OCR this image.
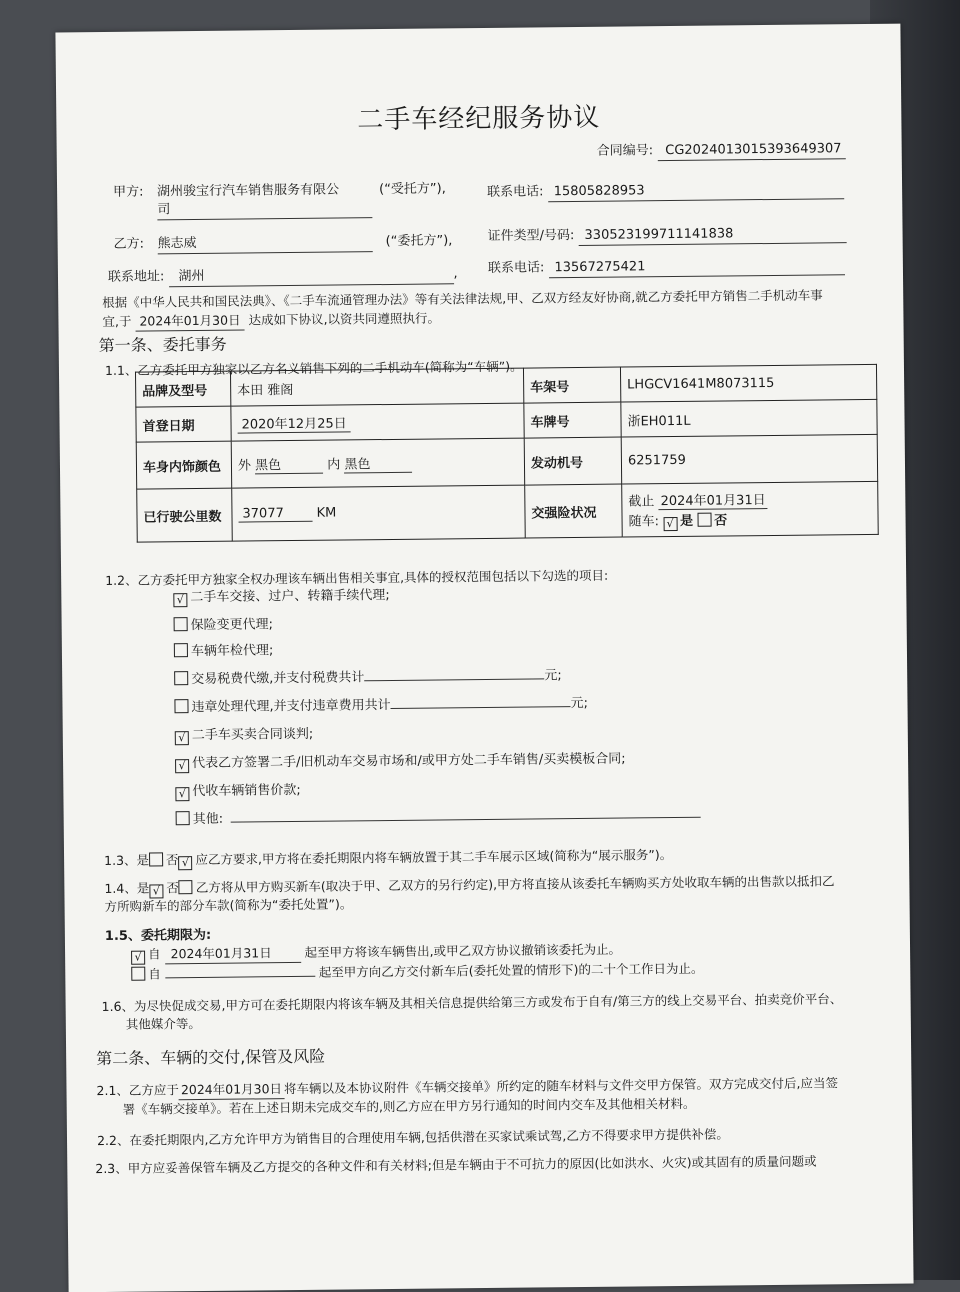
二手车经纪服务协议
合同编号: CG2024013015393649307
甲方: 湖州骏宝行汽车销售服务有限公
司
(“受托方”),	联系电话: 15805828953
乙方: 熊志威	(“委托方”),	证件类型/号码: 330523199711141838
联系地址: 湖州	, 联系电话: 13567275421
根据《中华人民共和国民法典》、《二手车流通管理办法》等有关法律法规,甲、乙双方经友好协商,就乙方委托甲方销售二手机动车事
宜,于 2024年01月30日 达成如下协议,以资共同遵照执行。
第一条、委托事务
1.1、乙方委托甲方独家以乙方名义销售下列的二手机动车(简称为“车辆”)。
品牌及型号	本田 雅阁	车架号	LHGCV1641M8073115
首登日期	2020年12月25日	车牌号	浙EH011L
车身内饰颜色	外 黑色 内 黑色	发动机号	6251759
已行驶公里数	37077 KM	交强险状况	截止 2024年01月31日
随车: √ 是 否
1.2、乙方委托甲方独家全权办理该车辆出售相关事宜,具体的授权范围包括以下勾选的项目:
√ 二手车交接、过户、转籍手续代理;
保险变更代理;
车辆年检代理;
交易税费代缴,并支付税费共计	元;
违章处理代理,并支付违章费用共计	元;
√ 二手车买卖合同谈判;
√ 代表乙方签署二手/旧机动车交易市场和/或甲方处二手车销售/买卖模板合同;
√ 代收车辆销售价款;
其他:
1.3、是 否 √ 应乙方要求,甲方将在委托期限内将车辆放置于其二手车展示区域(简称为“展示服务”)。
1.4、是 √ 否 乙方将从甲方购买新车(取决于甲、乙双方的另行约定),甲方将直接从该委托车辆购买方处收取车辆的出售款以抵扣乙
方所购新车的部分车款(简称为“委托处置”)。
1.5、委托期限为:
√ 自 2024年01月31日	起至甲方将该车辆售出,或甲乙双方协议撤销该委托为止。
自	起至甲方向乙方交付新车后(委托处置的情形下)的二十个工作日为止。
1.6、为尽快促成交易,甲方可在委托期限内将该车辆及其相关信息提供给第三方或发布于自有/第三方的线上交易平台、拍卖竞价平台、
其他媒介等。
第二条、车辆的交付,保管及风险
2.1、乙方应于 2024年01月30日 将车辆以及本协议附件《车辆交接单》所约定的随车材料与文件交甲方保管。双方完成交付后,应当签
署《车辆交接单》。若在上述日期未完成交车的,则乙方应在甲方另行通知的时间内交车及其他相关材料。
2.2、在委托期限内,乙方允许甲方为销售目的合理使用车辆,包括供潜在买家试乘试驾,乙方不得要求甲方提供补偿。
2.3、甲方应妥善保管车辆及乙方提交的各种文件和有关材料;但是车辆由于不可抗力的原因(比如洪水、火灾)或其固有的质量问题或
